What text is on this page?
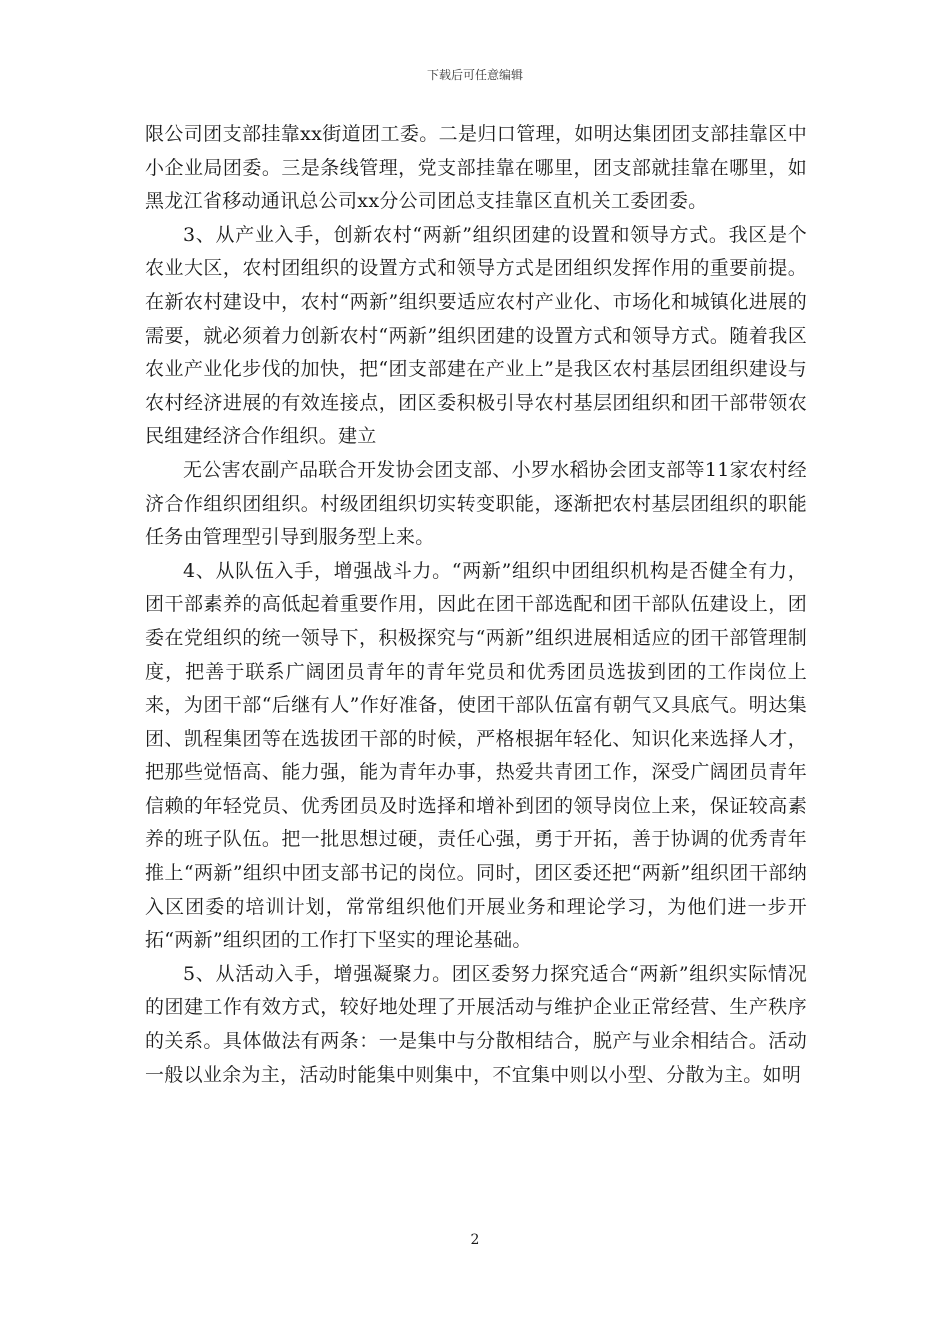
下载后可任意编辑

限公司团支部挂靠xx街道团工委。二是归口管理，如明达集团团支部挂靠区中小企业局团委。三是条线管理，党支部挂靠在哪里，团支部就挂靠在哪里，如黑龙江省移动通讯总公司xx分公司团总支挂靠区直机关工委团委。

3、从产业入手，创新农村“两新”组织团建的设置和领导方式。我区是个农业大区，农村团组织的设置方式和领导方式是团组织发挥作用的重要前提。在新农村建设中，农村“两新”组织要适应农村产业化、市场化和城镇化进展的需要，就必须着力创新农村“两新”组织团建的设置方式和领导方式。随着我区农业产业化步伐的加快，把“团支部建在产业上”是我区农村基层团组织建设与农村经济进展的有效连接点，团区委积极引导农村基层团组织和团干部带领农民组建经济合作组织。建立

无公害农副产品联合开发协会团支部、小罗水稻协会团支部等11家农村经济合作组织团组织。村级团组织切实转变职能，逐渐把农村基层团组织的职能任务由管理型引导到服务型上来。

4、从队伍入手，增强战斗力。“两新”组织中团组织机构是否健全有力，团干部素养的高低起着重要作用，因此在团干部选配和团干部队伍建设上，团委在党组织的统一领导下，积极探究与“两新”组织进展相适应的团干部管理制度，把善于联系广阔团员青年的青年党员和优秀团员选拔到团的工作岗位上来，为团干部“后继有人”作好准备，使团干部队伍富有朝气又具底气。明达集团、凯程集团等在选拔团干部的时候，严格根据年轻化、知识化来选择人才，把那些觉悟高、能力强，能为青年办事，热爱共青团工作，深受广阔团员青年信赖的年轻党员、优秀团员及时选择和增补到团的领导岗位上来，保证较高素养的班子队伍。把一批思想过硬，责任心强，勇于开拓，善于协调的优秀青年推上“两新”组织中团支部书记的岗位。同时，团区委还把“两新”组织团干部纳入区团委的培训计划，常常组织他们开展业务和理论学习，为他们进一步开拓“两新”组织团的工作打下坚实的理论基础。

5、从活动入手，增强凝聚力。团区委努力探究适合“两新”组织实际情况的团建工作有效方式，较好地处理了开展活动与维护企业正常经营、生产秩序的关系。具体做法有两条：一是集中与分散相结合，脱产与业余相结合。活动一般以业余为主，活动时能集中则集中，不宜集中则以小型、分散为主。如明

2
